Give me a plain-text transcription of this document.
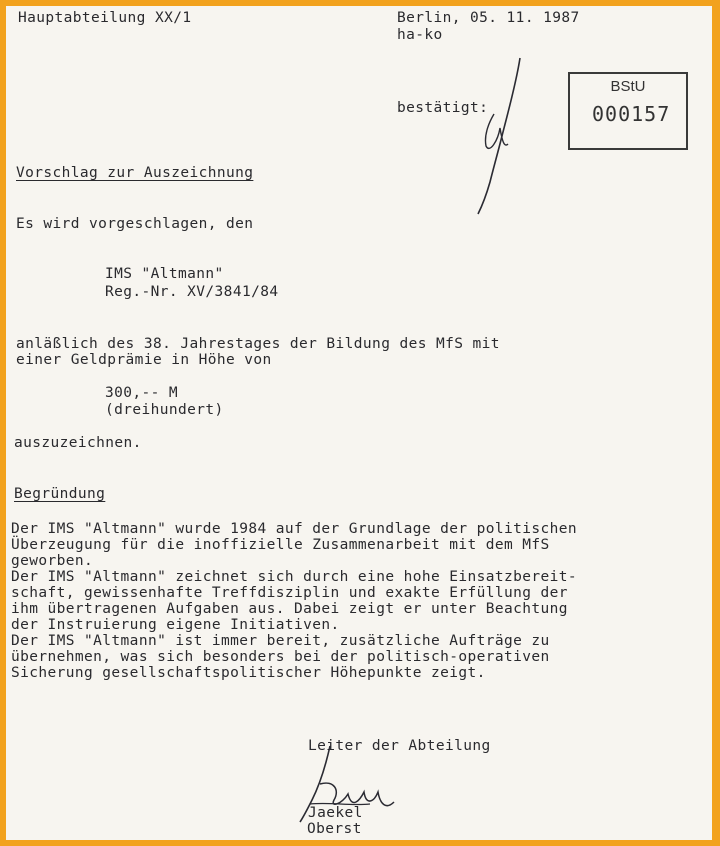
Hauptabteilung XX/1	Berlin, 05. 11. 1987
ha-ko
bestätigt:
BStU
000157
Vorschlag zur Auszeichnung
Es wird vorgeschlagen, den
IMS "Altmann"
Reg.-Nr. XV/3841/84
anläßlich des 38. Jahrestages der Bildung des MfS mit
einer Geldprämie in Höhe von
300,-- M
(dreihundert)
auszuzeichnen.
Begründung
Der IMS "Altmann" wurde 1984 auf der Grundlage der politischen
Überzeugung für die inoffizielle Zusammenarbeit mit dem MfS
geworben.
Der IMS "Altmann" zeichnet sich durch eine hohe Einsatzbereit-
schaft, gewissenhafte Treffdisziplin und exakte Erfüllung der
ihm übertragenen Aufgaben aus. Dabei zeigt er unter Beachtung
der Instruierung eigene Initiativen.
Der IMS "Altmann" ist immer bereit, zusätzliche Aufträge zu
übernehmen, was sich besonders bei der politisch-operativen
Sicherung gesellschaftspolitischer Höhepunkte zeigt.
Leiter der Abteilung
Jaekel
Oberst
